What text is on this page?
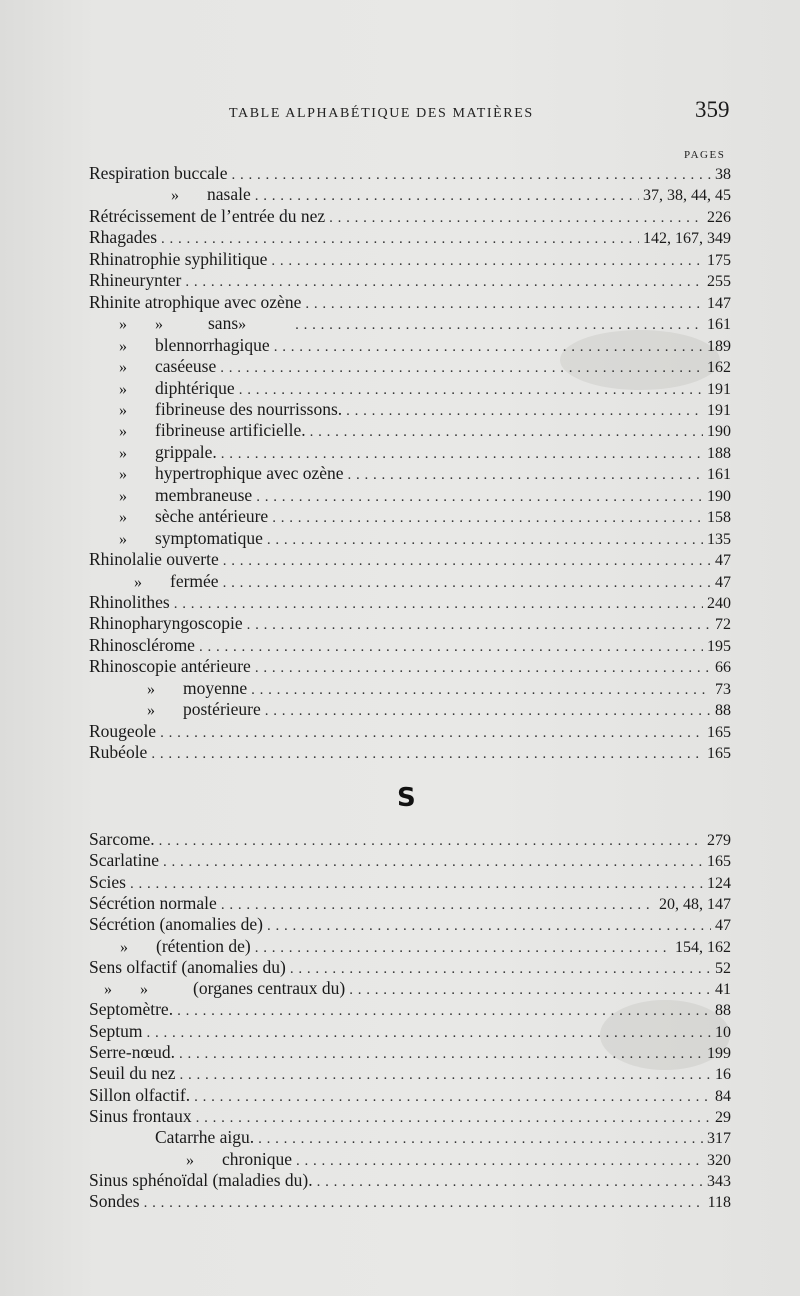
TABLE ALPHABÉTIQUE DES MATIÈRES	359
PAGES
Respiration buccale . . .	38
» nasale . . .	37, 38, 44, 45
Rétrécissement de l’entrée du nez . . .	226
Rhagades . . .	142, 167, 349
Rhinatrophie syphilitique . . .	175
Rhineurynter . . .	255
Rhinite atrophique avec ozène . . .	147
» »	sans» . . .	161
» blennorrhagique . . .	189
» caséeuse . . .	162
» diphtérique . . .	191
» fibrineuse des nourrissons. . . .	191
» fibrineuse artificielle. . . .	190
» grippale. . . .	188
» hypertrophique avec ozène . . .	161
» membraneuse . . .	190
» sèche antérieure . . .	158
» symptomatique . . .	135
Rhinolalie ouverte . . .	47
» fermée . . .	47
Rhinolithes . . .	240
Rhinopharyngoscopie . . .	72
Rhinosclérome . . .	195
Rhinoscopie antérieure . . .	66
» moyenne . . .	73
» postérieure . . .	88
Rougeole . . .	165
Rubéole . . .	165
S
Sarcome. . . .	279
Scarlatine . . .	165
Scies . . .	124
Sécrétion normale . . .	20, 48, 147
Sécrétion (anomalies de) . . .	47
» (rétention de) . . .	154, 162
Sens olfactif (anomalies du) . . .	52
» »	(organes centraux du) . . .	41
Septomètre. . . .	88
Septum . . .	10
Serre-nœud. . . .	199
Seuil du nez . . .	16
Sillon olfactif. . . .	84
Sinus frontaux . . .	29
Catarrhe aigu. . . .	317
» chronique . . .	320
Sinus sphénoïdal (maladies du). . . .	343
Sondes . . .	118
